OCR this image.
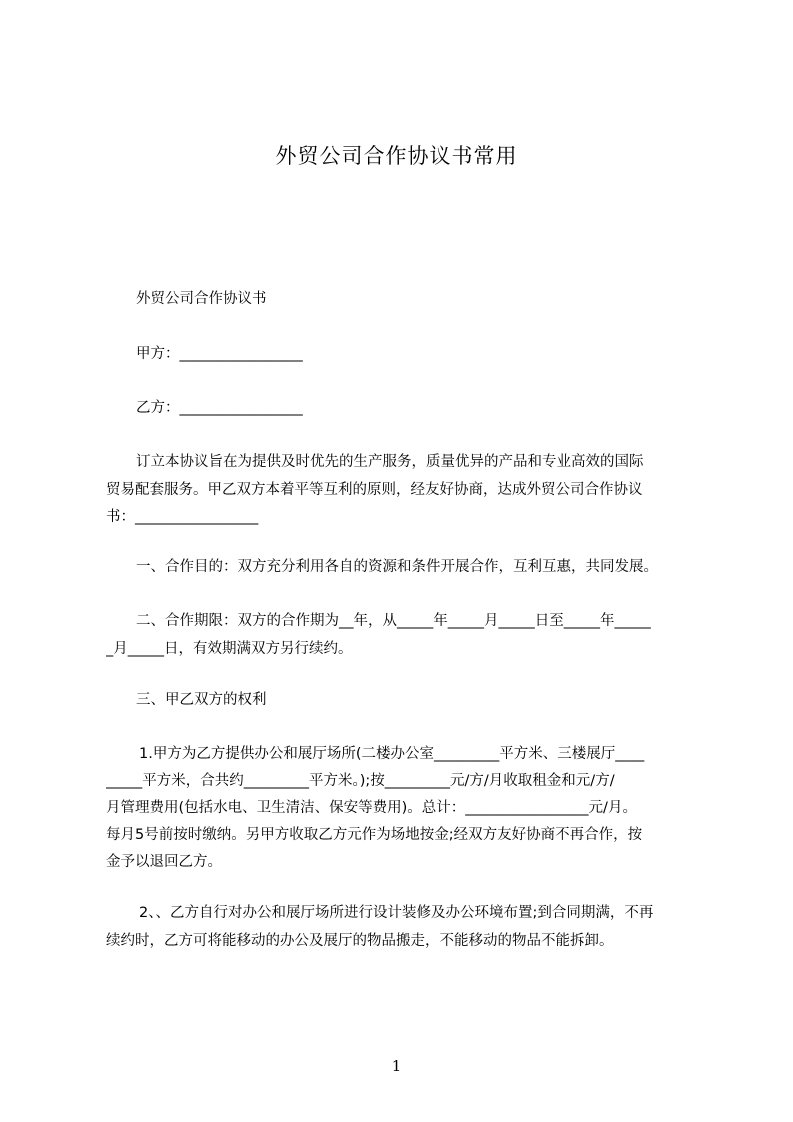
外贸公司合作协议书常用
外贸公司合作协议书
甲方：_________________
乙方：_________________
订立本协议旨在为提供及时优先的生产服务，质量优异的产品和专业高效的国际
贸易配套服务。甲乙双方本着平等互利的原则，经友好协商，达成外贸公司合作协议
书：_________________
一、合作目的：双方充分利用各自的资源和条件开展合作，互利互惠，共同发展。
二、合作期限：双方的合作期为__年，从_____年_____月_____日至_____年_____
_月_____日，有效期满双方另行续约。
三、甲乙双方的权利
1.甲方为乙方提供办公和展厅场所(二楼办公室_________平方米、三楼展厅____
_____平方米，合共约_________平方米。);按_________元/方/月收取租金和元/方/
月管理费用(包括水电、卫生清洁、保安等费用)。总计：_________________元/月。
每月5号前按时缴纳。另甲方收取乙方元作为场地按金;经双方友好协商不再合作，按
金予以退回乙方。
2、、乙方自行对办公和展厅场所进行设计装修及办公环境布置;到合同期满，不再
续约时，乙方可将能移动的办公及展厅的物品搬走，不能移动的物品不能拆卸。
1
